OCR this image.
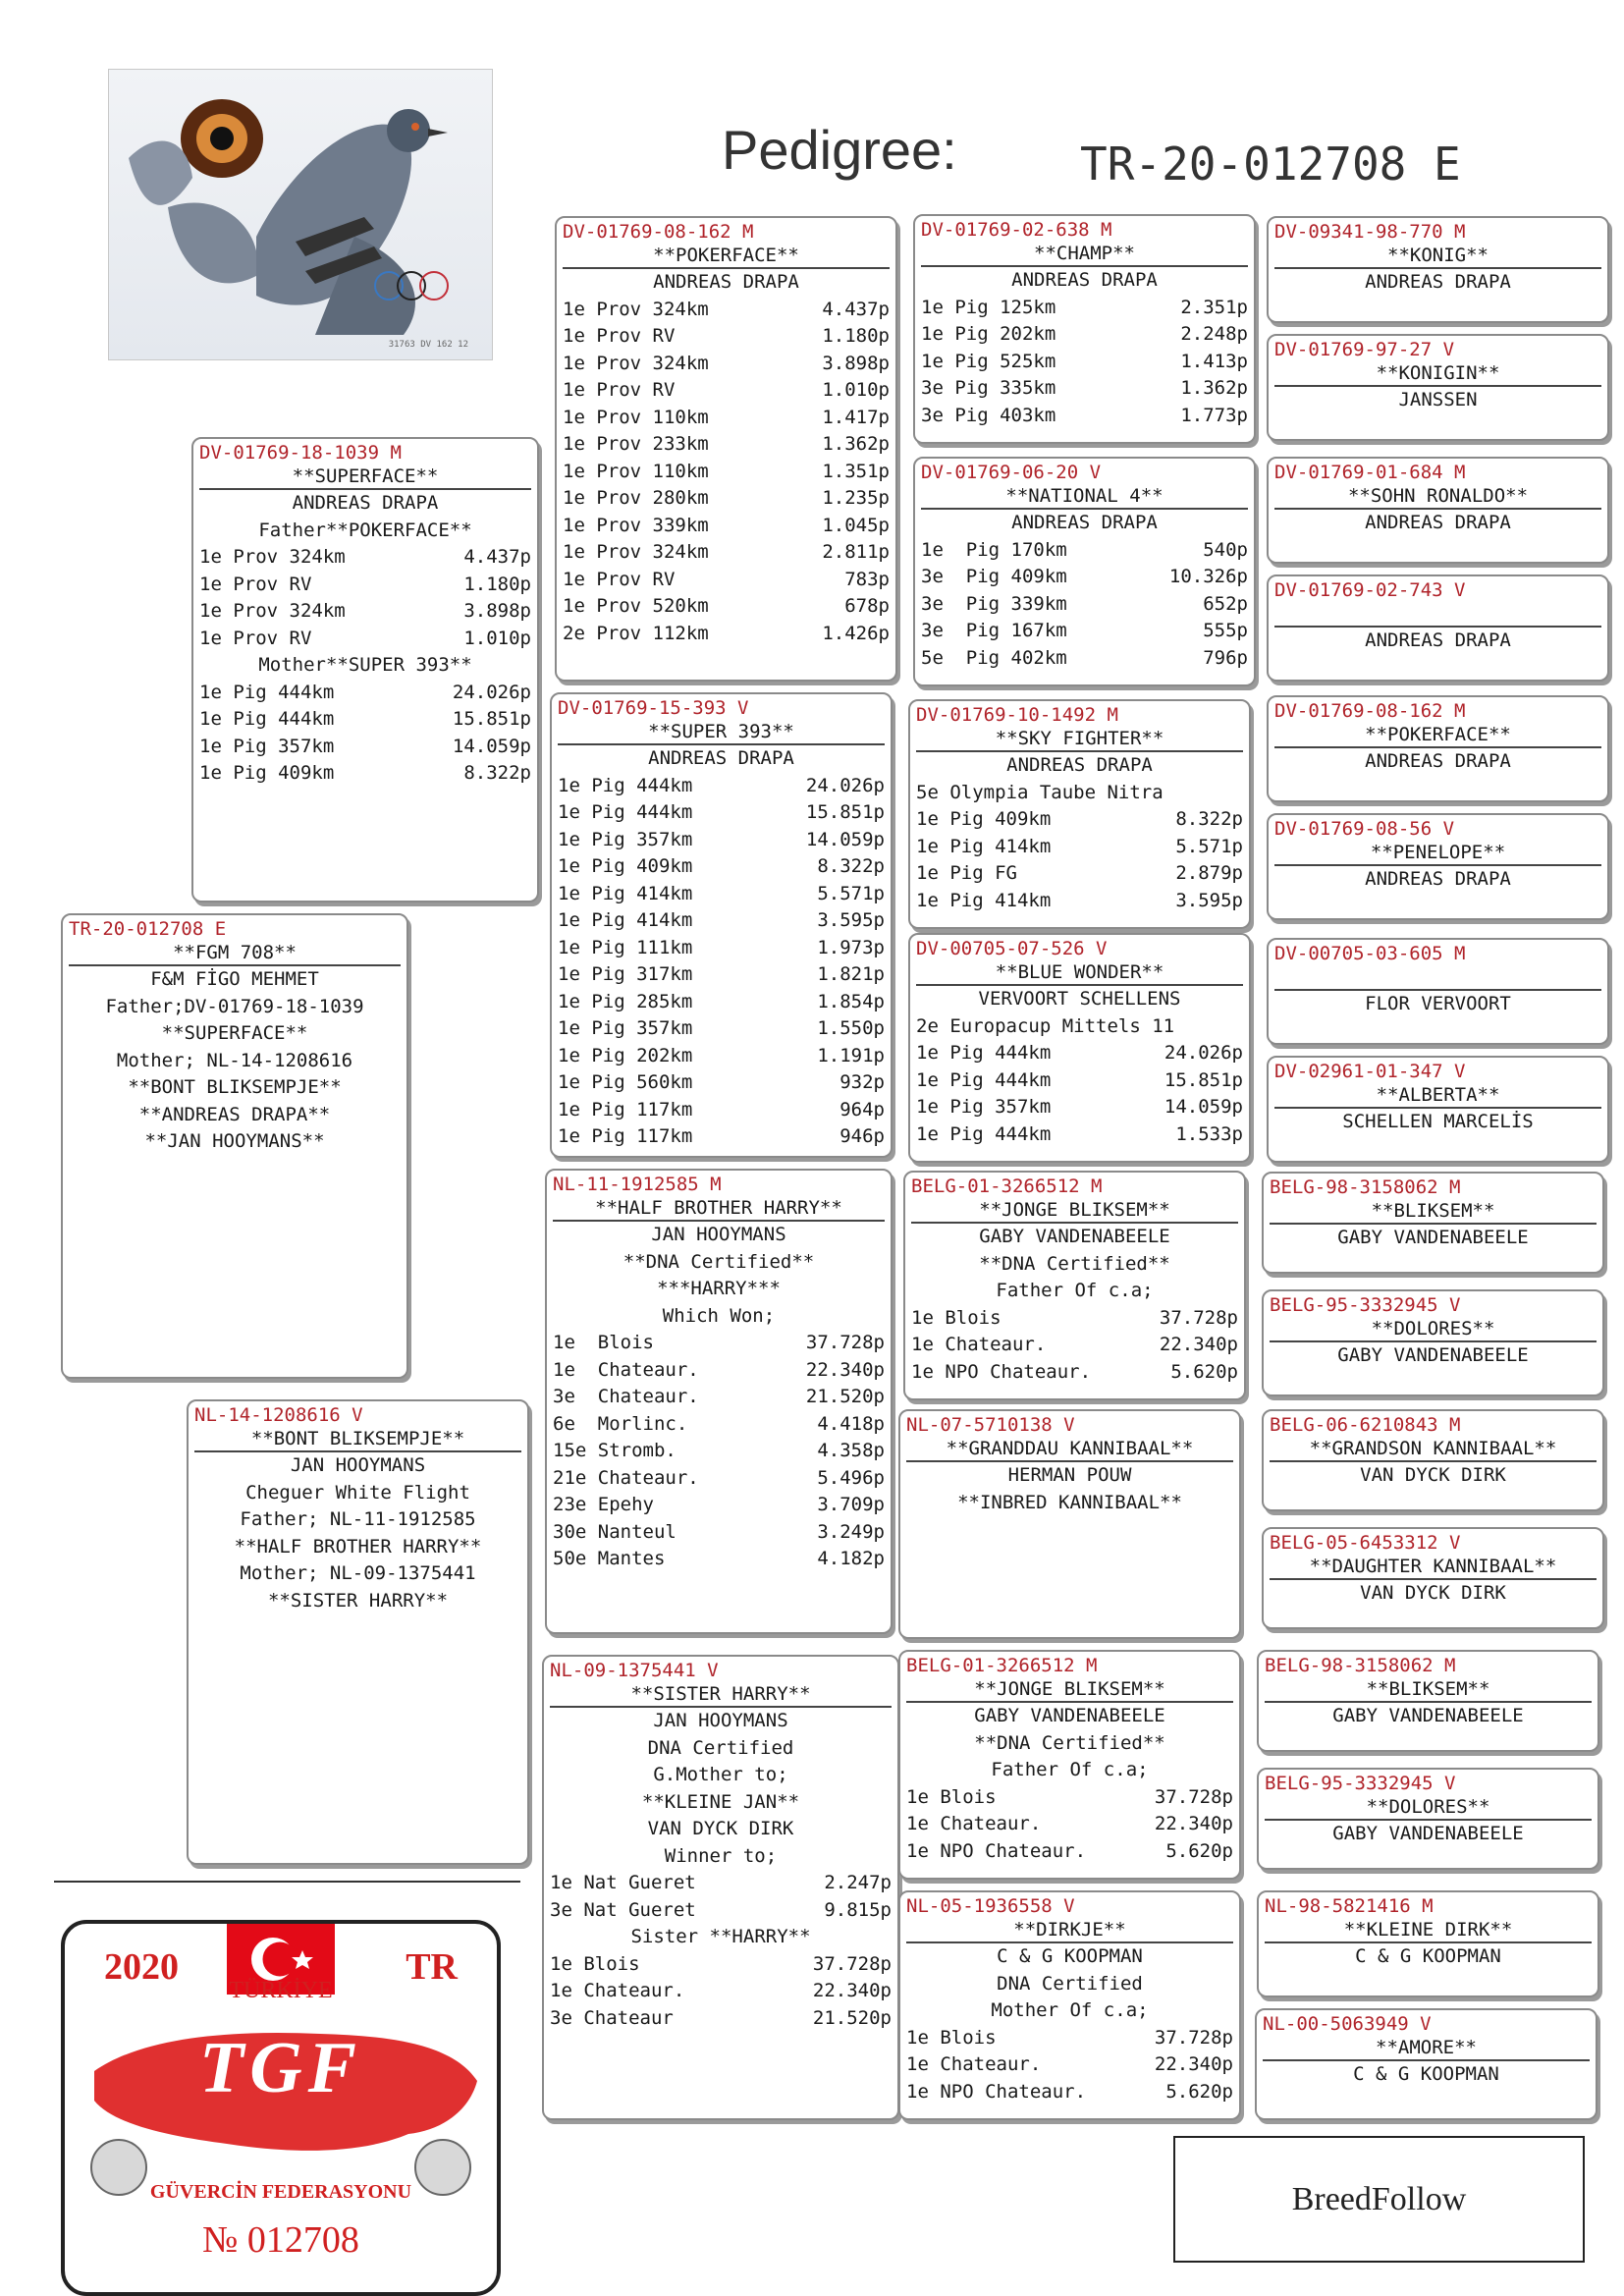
31763 DV 162 12
Pedigree:	TR-20-012708 E
TR-20-012708 E
**FGM 708**
F&M FİGO MEHMET
Father;DV-01769-18-1039
**SUPERFACE**
Mother; NL-14-1208616
**BONT BLIKSEMPJE**
**ANDREAS DRAPA**
**JAN HOOYMANS**
DV-01769-18-1039 M
**SUPERFACE**
ANDREAS DRAPA
Father**POKERFACE**
1e Prov 324km	4.437p
1e Prov RV	1.180p
1e Prov 324km	3.898p
1e Prov RV	1.010p
Mother**SUPER 393**
1e Pig 444km	24.026p
1e Pig 444km	15.851p
1e Pig 357km	14.059p
1e Pig 409km	8.322p
NL-14-1208616 V
**BONT BLIKSEMPJE**
JAN HOOYMANS
Cheguer White Flight
Father; NL-11-1912585
**HALF BROTHER HARRY**
Mother; NL-09-1375441
**SISTER HARRY**
DV-01769-08-162 M
**POKERFACE**
ANDREAS DRAPA
1e Prov 324km	4.437p
1e Prov RV	1.180p
1e Prov 324km	3.898p
1e Prov RV	1.010p
1e Prov 110km	1.417p
1e Prov 233km	1.362p
1e Prov 110km	1.351p
1e Prov 280km	1.235p
1e Prov 339km	1.045p
1e Prov 324km	2.811p
1e Prov RV	783p
1e Prov 520km	678p
2e Prov 112km	1.426p
DV-01769-15-393 V
**SUPER 393**
ANDREAS DRAPA
1e Pig 444km	24.026p
1e Pig 444km	15.851p
1e Pig 357km	14.059p
1e Pig 409km	8.322p
1e Pig 414km	5.571p
1e Pig 414km	3.595p
1e Pig 111km	1.973p
1e Pig 317km	1.821p
1e Pig 285km	1.854p
1e Pig 357km	1.550p
1e Pig 202km	1.191p
1e Pig 560km	932p
1e Pig 117km	964p
1e Pig 117km	946p
NL-11-1912585 M
**HALF BROTHER HARRY**
JAN HOOYMANS
**DNA Certified**
***HARRY***
Which Won;
1e  Blois	37.728p
1e  Chateaur.	22.340p
3e  Chateaur.	21.520p
6e  Morlinc.	4.418p
15e Stromb.	4.358p
21e Chateaur.	5.496p
23e Epehy	3.709p
30e Nanteul	3.249p
50e Mantes	4.182p
NL-09-1375441 V
**SISTER HARRY**
JAN HOOYMANS
DNA Certified
G.Mother to;
**KLEINE JAN**
VAN DYCK DIRK
Winner to;
1e Nat Gueret	2.247p
3e Nat Gueret	9.815p
Sister **HARRY**
1e Blois	37.728p
1e Chateaur.	22.340p
3e Chateaur	21.520p
DV-01769-02-638 M
**CHAMP**
ANDREAS DRAPA
1e Pig 125km	2.351p
1e Pig 202km	2.248p
1e Pig 525km	1.413p
3e Pig 335km	1.362p
3e Pig 403km	1.773p
DV-01769-06-20 V
**NATIONAL 4**
ANDREAS DRAPA
1e  Pig 170km	540p
3e  Pig 409km	10.326p
3e  Pig 339km	652p
3e  Pig 167km	555p
5e  Pig 402km	796p
DV-01769-10-1492 M
**SKY FIGHTER**
ANDREAS DRAPA
5e Olympia Taube Nitra
1e Pig 409km	8.322p
1e Pig 414km	5.571p
1e Pig FG	2.879p
1e Pig 414km	3.595p
DV-00705-07-526 V
**BLUE WONDER**
VERVOORT SCHELLENS
2e Europacup Mittels 11
1e Pig 444km	24.026p
1e Pig 444km	15.851p
1e Pig 357km	14.059p
1e Pig 444km	1.533p
BELG-01-3266512 M
**JONGE BLIKSEM**
GABY VANDENABEELE
**DNA Certified**
Father Of c.a;
1e Blois	37.728p
1e Chateaur.	22.340p
1e NPO Chateaur.	5.620p
NL-07-5710138 V
**GRANDDAU KANNIBAAL**
HERMAN POUW
**INBRED KANNIBAAL**
BELG-01-3266512 M
**JONGE BLIKSEM**
GABY VANDENABEELE
**DNA Certified**
Father Of c.a;
1e Blois	37.728p
1e Chateaur.	22.340p
1e NPO Chateaur.	5.620p
NL-05-1936558 V
**DIRKJE**
C & G KOOPMAN
DNA Certified
Mother Of c.a;
1e Blois	37.728p
1e Chateaur.	22.340p
1e NPO Chateaur.	5.620p
DV-09341-98-770 M
**KONIG**
ANDREAS DRAPA
DV-01769-97-27 V
**KONIGIN**
JANSSEN
DV-01769-01-684 M
**SOHN RONALDO**
ANDREAS DRAPA
DV-01769-02-743 V

ANDREAS DRAPA
DV-01769-08-162 M
**POKERFACE**
ANDREAS DRAPA
DV-01769-08-56 V
**PENELOPE**
ANDREAS DRAPA
DV-00705-03-605 M

FLOR VERVOORT
DV-02961-01-347 V
**ALBERTA**
SCHELLEN MARCELİS
BELG-98-3158062 M
**BLIKSEM**
GABY VANDENABEELE
BELG-95-3332945 V
**DOLORES**
GABY VANDENABEELE
BELG-06-6210843 M
**GRANDSON KANNIBAAL**
VAN DYCK DIRK
BELG-05-6453312 V
**DAUGHTER KANNIBAAL**
VAN DYCK DIRK
BELG-98-3158062 M
**BLIKSEM**
GABY VANDENABEELE
BELG-95-3332945 V
**DOLORES**
GABY VANDENABEELE
NL-98-5821416 M
**KLEINE DIRK**
C & G KOOPMAN
NL-00-5063949 V
**AMORE**
C & G KOOPMAN
2020	TR
TÜRKİYE
TGF
GÜVERCİN FEDERASYONU
№ 012708
BreedFollow
